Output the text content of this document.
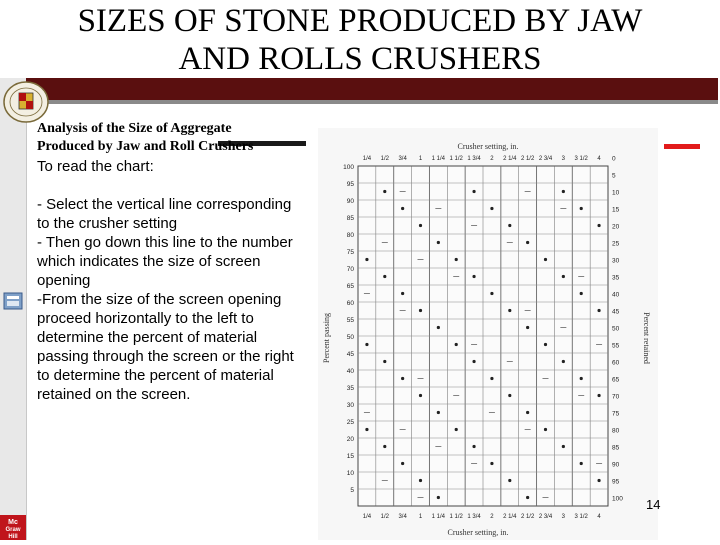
SIZES OF STONE PRODUCED BY JAW
AND ROLLS CRUSHERS
Mc
Graw
Hill
Analysis of the Size of Aggregate
Produced by Jaw and Roll Crushers
To read the chart:

- Select the vertical line corresponding to the crusher setting
- Then go down this line to the number which indicates the size of screen opening
-From the size of the screen opening proceed horizontally to the left to determine the percent of material passing through the screen or the right to determine the percent of material retained on the screen.
100
95
90
85
80
75
70
65
60
55
50
45
40
35
30
25
20
15
10
5
0
5
10
15
20
25
30
35
40
45
50
55
60
65
70
75
80
85
90
95
100
1/4 1/2 3/4 1 1 1/4 1 1/2 1 3/4 2 2 1/4 2 1/2 2 3/4 3 3 1/2 4
1/4 1/2 3/4 1 1 1/4 1 1/2 1 3/4 2 2 1/4 2 1/2 2 3/4 3 3 1/2 4
Crusher setting, in.
Crusher setting, in.
Percent passing	Percent retained
14
